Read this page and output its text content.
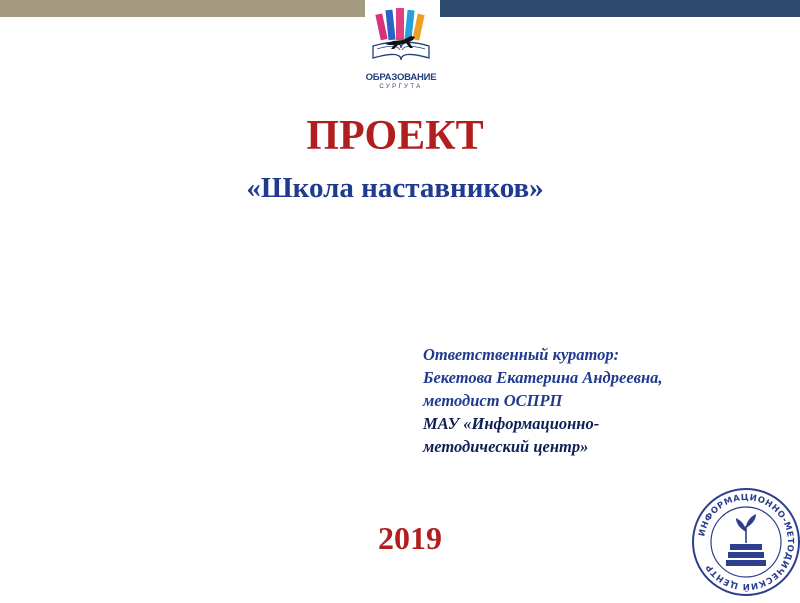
ОБРАЗОВАНИЕ
СУРГУТА
ПРОЕКТ
«Школа наставников»
Ответственный куратор:
Бекетова Екатерина Андреевна,
методист ОСПРП
МАУ «Информационно-
методический центр»
2019	ИНФОРМАЦИОННО-МЕТОДИЧЕСКИЙ ЦЕНТР
